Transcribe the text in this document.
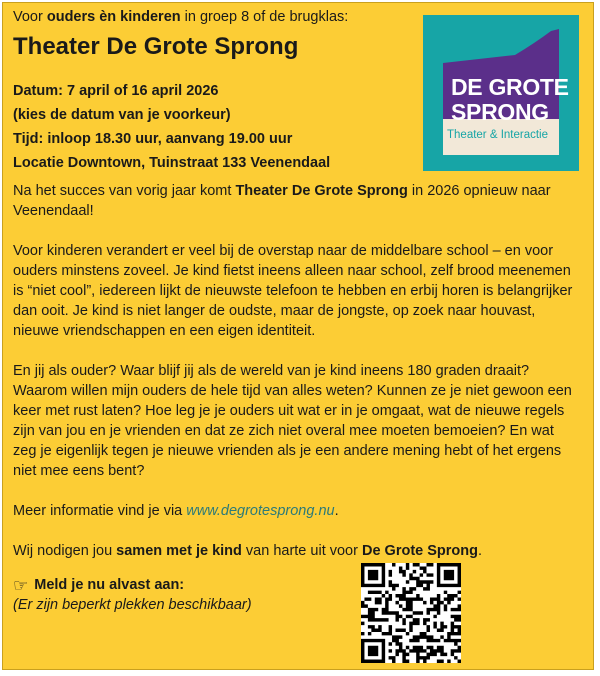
Voor ouders èn kinderen in groep 8 of de brugklas:
Theater De Grote Sprong
Datum: 7 april of 16 april 2026
(kies de datum van je voorkeur)
Tijd: inloop 18.30 uur, aanvang 19.00 uur
Locatie Downtown, Tuinstraat 133 Veenendaal
DE GROTE
SPRONG
Theater & Interactie

Na het succes van vorig jaar komt Theater De Grote Sprong in 2026 opnieuw naar Veenendaal!

Voor kinderen verandert er veel bij de overstap naar de middelbare school – en voor ouders minstens zoveel. Je kind fietst ineens alleen naar school, zelf brood meenemen is “niet cool”, iedereen lijkt de nieuwste telefoon te hebben en erbij horen is belangrijker dan ooit. Je kind is niet langer de oudste, maar de jongste, op zoek naar houvast, nieuwe vriendschappen en een eigen identiteit.

En jij als ouder? Waar blijf jij als de wereld van je kind ineens 180 graden draait? Waarom willen mijn ouders de hele tijd van alles weten? Kunnen ze je niet gewoon een keer met rust laten? Hoe leg je je ouders uit wat er in je omgaat, wat de nieuwe regels zijn van jou en je vrienden en dat ze zich niet overal mee moeten bemoeien? En wat zeg je eigenlijk tegen je nieuwe vrienden als je een andere mening hebt of het ergens niet mee eens bent?

Meer informatie vind je via www.degrotesprong.nu.

Wij nodigen jou samen met je kind van harte uit voor De Grote Sprong.

☞ Meld je nu alvast aan:
(Er zijn beperkt plekken beschikbaar)
